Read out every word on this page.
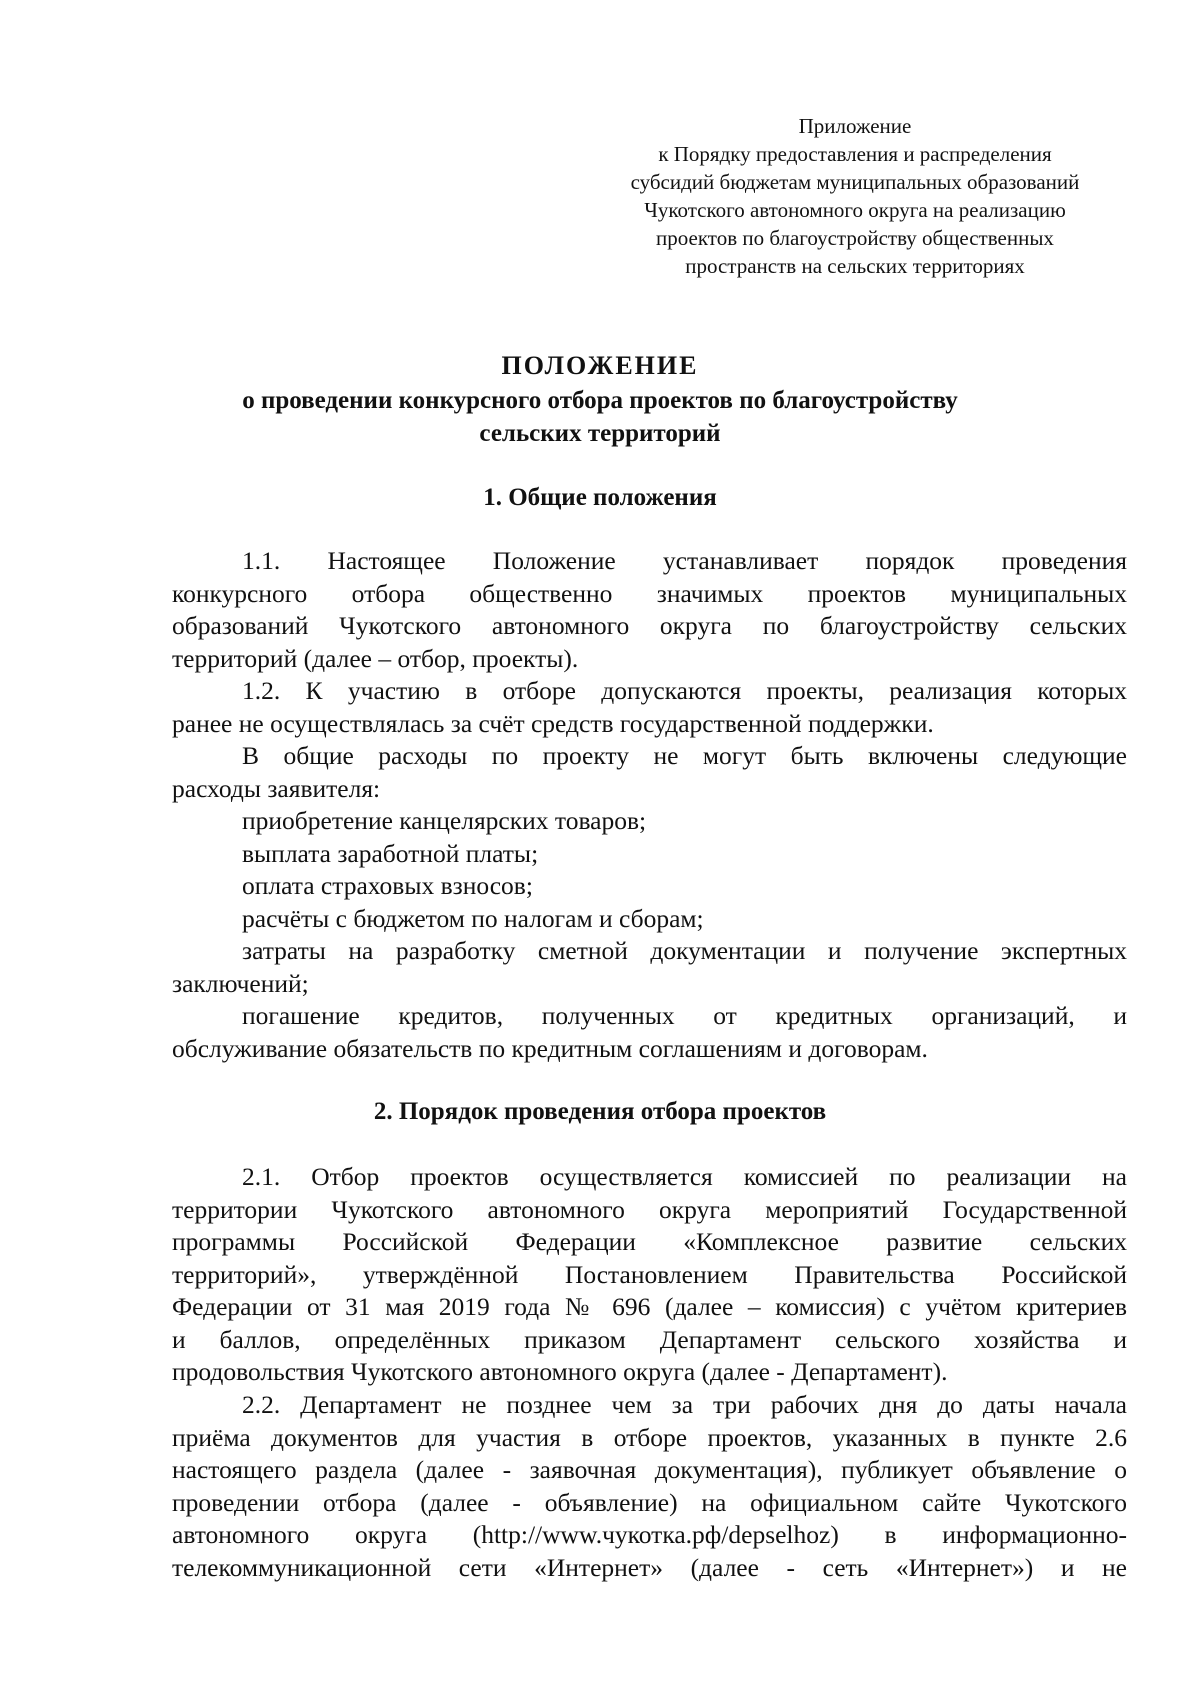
Приложение
к Порядку предоставления и распределения
субсидий бюджетам муниципальных образований
Чукотского автономного округа на реализацию
проектов по благоустройству общественных
пространств на сельских территориях
ПОЛОЖЕНИЕ
о проведении конкурсного отбора проектов по благоустройству
сельских территорий
1. Общие положения
1.1. Настоящее Положение устанавливает порядок проведения
конкурсного отбора общественно значимых проектов муниципальных
образований Чукотского автономного округа по благоустройству сельских
территорий (далее – отбор, проекты).
1.2. К участию в отборе допускаются проекты, реализация которых
ранее не осуществлялась за счёт средств государственной поддержки.
В общие расходы по проекту не могут быть включены следующие
расходы заявителя:
приобретение канцелярских товаров;
выплата заработной платы;
оплата страховых взносов;
расчёты с бюджетом по налогам и сборам;
затраты на разработку сметной документации и получение экспертных
заключений;
погашение кредитов, полученных от кредитных организаций, и
обслуживание обязательств по кредитным соглашениям и договорам.
2. Порядок проведения отбора проектов
2.1. Отбор проектов осуществляется комиссией по реализации на
территории Чукотского автономного округа мероприятий Государственной
программы Российской Федерации «Комплексное развитие сельских
территорий», утверждённой Постановлением Правительства Российской
Федерации от 31 мая 2019 года № 696 (далее – комиссия) с учётом критериев
и баллов, определённых приказом Департамент сельского хозяйства и
продовольствия Чукотского автономного округа (далее - Департамент).
2.2. Департамент не позднее чем за три рабочих дня до даты начала
приёма документов для участия в отборе проектов, указанных в пункте 2.6
настоящего раздела (далее - заявочная документация), публикует объявление о
проведении отбора (далее - объявление) на официальном сайте Чукотского
автономного округа (http://www.чукотка.рф/depselhoz) в информационно-
телекоммуникационной сети «Интернет» (далее - сеть «Интернет») и не
